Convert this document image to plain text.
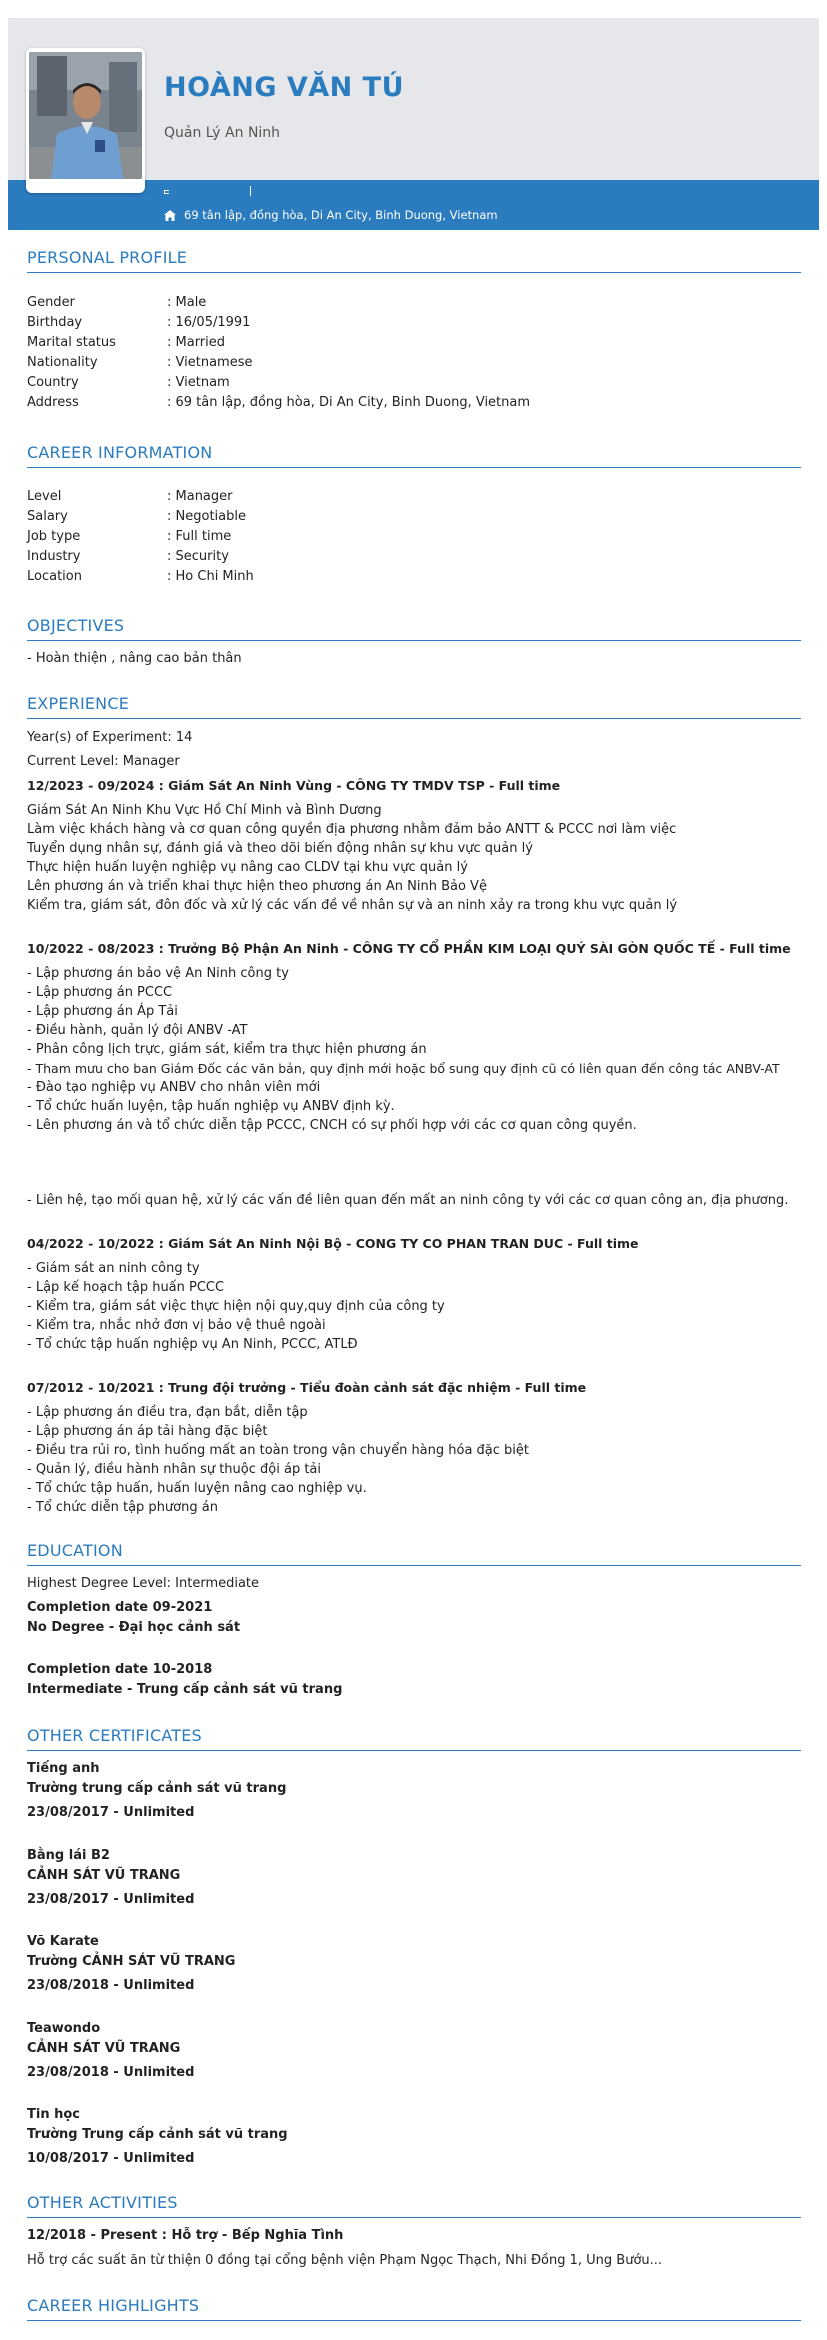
HOÀNG VĂN TÚ
Quản Lý An Ninh
69 tân lập, đồng hòa, Di An City, Binh Duong, Vietnam
PERSONAL PROFILE
Gender	: Male
Birthday	: 16/05/1991
Marital status	: Married
Nationality	: Vietnamese
Country	: Vietnam
Address	: 69 tân lập, đồng hòa, Di An City, Binh Duong, Vietnam
CAREER INFORMATION
Level	: Manager
Salary	: Negotiable
Job type	: Full time
Industry	: Security
Location	: Ho Chi Minh
OBJECTIVES
- Hoàn thiện , nâng cao bản thân
EXPERIENCE
Year(s) of Experiment: 14
Current Level: Manager
12/2023 - 09/2024 : Giám Sát An Ninh Vùng - CÔNG TY TMDV TSP - Full time
Giám Sát An Ninh Khu Vực Hồ Chí Minh và Bình Dương
Làm việc khách hàng và cơ quan công quyền địa phương nhằm đảm bảo ANTT & PCCC nơi làm việc
Tuyển dụng nhân sự, đánh giá và theo dõi biến động nhân sự khu vực quản lý
Thực hiện huấn luyện nghiệp vụ nâng cao CLDV tại khu vực quản lý
Lên phương án và triển khai thực hiện theo phương án An Ninh Bảo Vệ
Kiểm tra, giám sát, đôn đốc và xử lý các vấn đề về nhân sự và an ninh xảy ra trong khu vực quản lý
10/2022 - 08/2023 : Trưởng Bộ Phận An Ninh - CÔNG TY CỔ PHẦN KIM LOẠI QUÝ SÀI GÒN QUỐC TẾ - Full time
- Lập phương án bảo vệ An Ninh công ty
- Lập phương án PCCC
- Lập phương án Áp Tải
- Điều hành, quản lý đội ANBV -AT
- Phân công lịch trực, giám sát, kiểm tra thực hiện phương án
- Tham mưu cho ban Giám Đốc các văn bản, quy định mới hoặc bổ sung quy định cũ có liên quan đến công tác ANBV-AT
- Đào tạo nghiệp vụ ANBV cho nhân viên mới
- Tổ chức huấn luyện, tập huấn nghiệp vụ ANBV định kỳ.
- Lên phương án và tổ chức diễn tập PCCC, CNCH có sự phối hợp với các cơ quan công quyền.
- Liên hệ, tạo mối quan hệ, xử lý các vấn đề liên quan đến mất an ninh công ty với các cơ quan công an, địa phương.
04/2022 - 10/2022 : Giám Sát An Ninh Nội Bộ - CONG TY CO PHAN TRAN DUC - Full time
- Giám sát an ninh công ty
- Lập kế hoạch tập huấn PCCC
- Kiểm tra, giám sát việc thực hiện nội quy,quy định của công ty
- Kiểm tra, nhắc nhở đơn vị bảo vệ thuê ngoài
- Tổ chức tập huấn nghiệp vụ An Ninh, PCCC, ATLĐ
07/2012 - 10/2021 : Trung đội trưởng - Tiểu đoàn cảnh sát đặc nhiệm - Full time
- Lập phương án điều tra, đạn bắt, diễn tập
- Lập phương án áp tải hàng đặc biệt
- Điều tra rủi ro, tình huống mất an toàn trong vận chuyển hàng hóa đặc biệt
- Quản lý, điều hành nhân sự thuộc đội áp tải
- Tổ chức tập huấn, huấn luyện nâng cao nghiệp vụ.
- Tổ chức diễn tập phương án
EDUCATION
Highest Degree Level: Intermediate
Completion date 09-2021
No Degree - Đại học cảnh sát
Completion date 10-2018
Intermediate - Trung cấp cảnh sát vũ trang
OTHER CERTIFICATES
Tiếng anh
Trường trung cấp cảnh sát vũ trang
23/08/2017 - Unlimited
Bằng lái B2
CẢNH SÁT VŨ TRANG
23/08/2017 - Unlimited
Võ Karate
Trường CẢNH SÁT VŨ TRANG
23/08/2018 - Unlimited
Teawondo
CẢNH SÁT VŨ TRANG
23/08/2018 - Unlimited
Tin học
Trường Trung cấp cảnh sát vũ trang
10/08/2017 - Unlimited
OTHER ACTIVITIES
12/2018 - Present : Hỗ trợ - Bếp Nghĩa Tình
Hỗ trợ các suất ăn từ thiện 0 đồng tại cổng bệnh viện Phạm Ngọc Thạch, Nhi Đồng 1, Ung Bướu...
CAREER HIGHLIGHTS
